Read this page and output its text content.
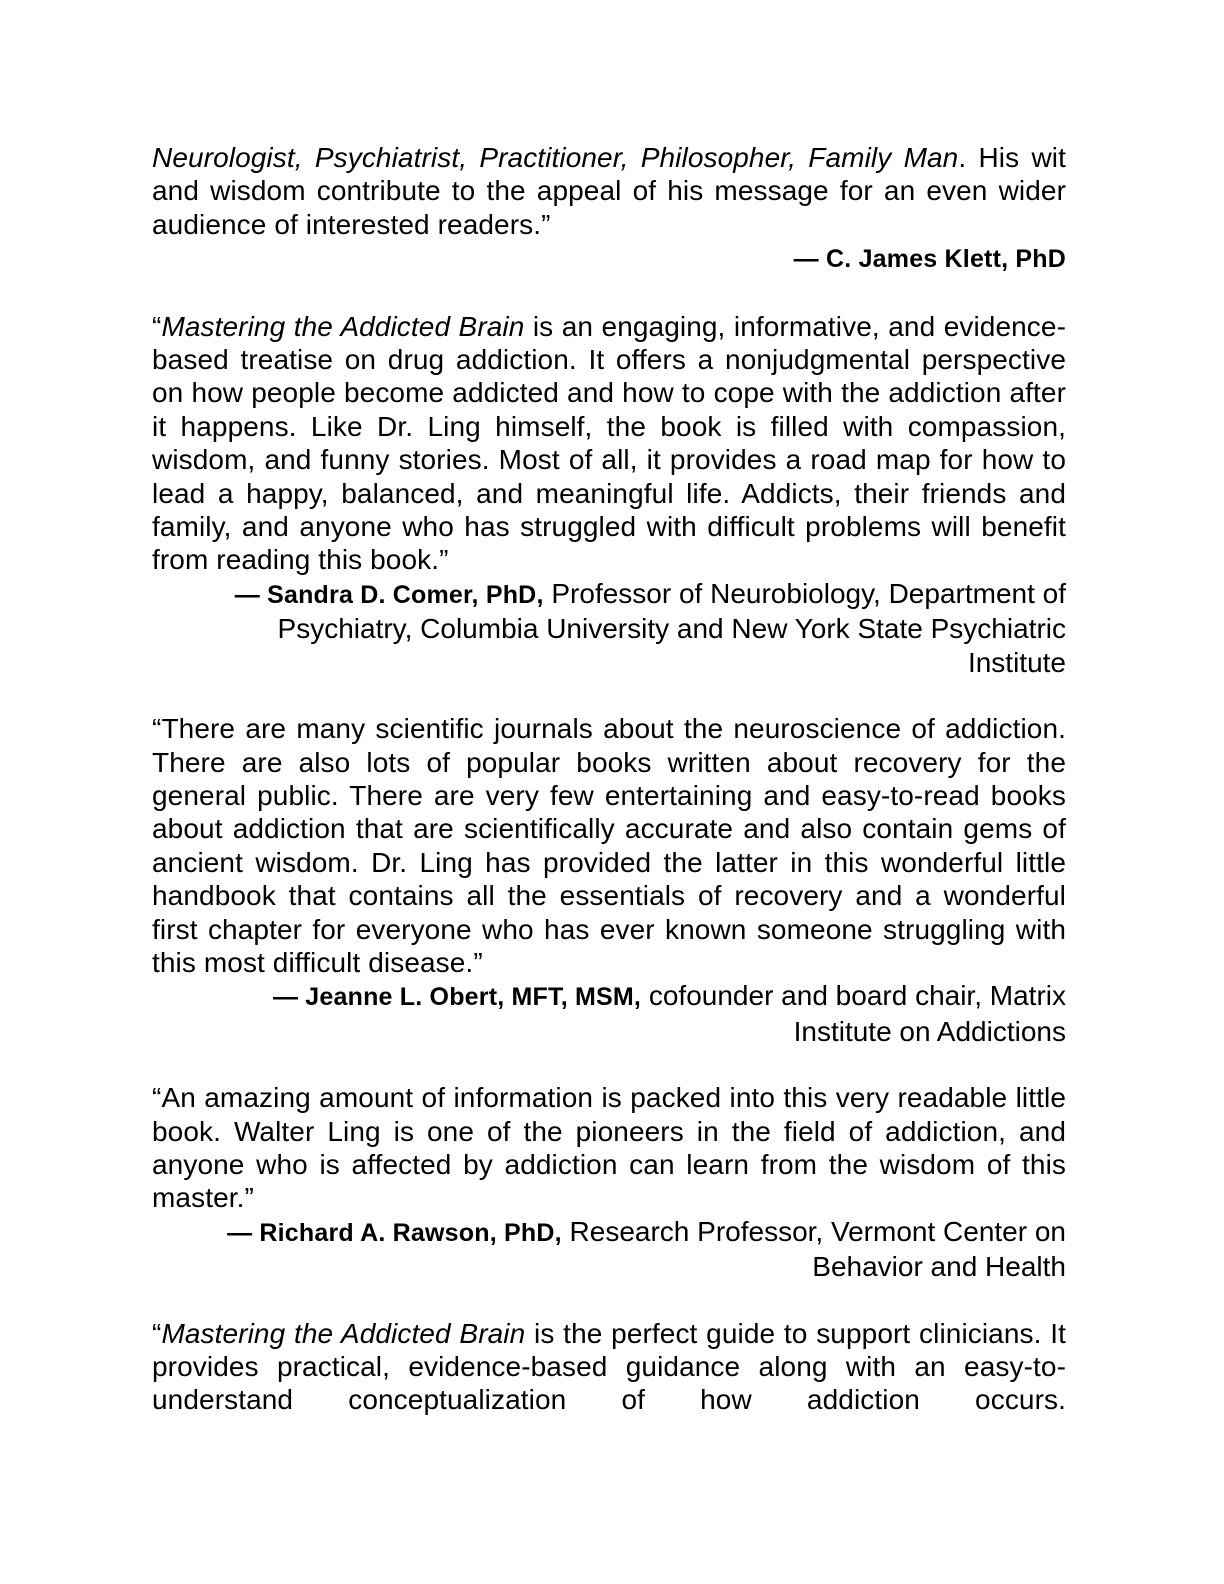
Neurologist, Psychiatrist, Practitioner, Philosopher, Family Man. His wit and wisdom contribute to the appeal of his message for an even wider audience of interested readers.”

— C. James Klett, PhD

“Mastering the Addicted Brain is an engaging, informative, and evidence-based treatise on drug addiction. It offers a nonjudgmental perspective on how people become addicted and how to cope with the addiction after it happens. Like Dr. Ling himself, the book is filled with compassion, wisdom, and funny stories. Most of all, it provides a road map for how to lead a happy, balanced, and meaningful life. Addicts, their friends and family, and anyone who has struggled with difficult problems will benefit from reading this book.”

— Sandra D. Comer, PhD, Professor of Neurobiology, Department of Psychiatry, Columbia University and New York State Psychiatric Institute

“There are many scientific journals about the neuroscience of addiction. There are also lots of popular books written about recovery for the general public. There are very few entertaining and easy-to-read books about addiction that are scientifically accurate and also contain gems of ancient wisdom. Dr. Ling has provided the latter in this wonderful little handbook that contains all the essentials of recovery and a wonderful first chapter for everyone who has ever known someone struggling with this most difficult disease.”

— Jeanne L. Obert, MFT, MSM, cofounder and board chair, Matrix Institute on Addictions

“An amazing amount of information is packed into this very readable little book. Walter Ling is one of the pioneers in the field of addiction, and anyone who is affected by addiction can learn from the wisdom of this master.”

— Richard A. Rawson, PhD, Research Professor, Vermont Center on Behavior and Health

“Mastering the Addicted Brain is the perfect guide to support clinicians. It provides practical, evidence-based guidance along with an easy-to-understand conceptualization of how addiction occurs.
